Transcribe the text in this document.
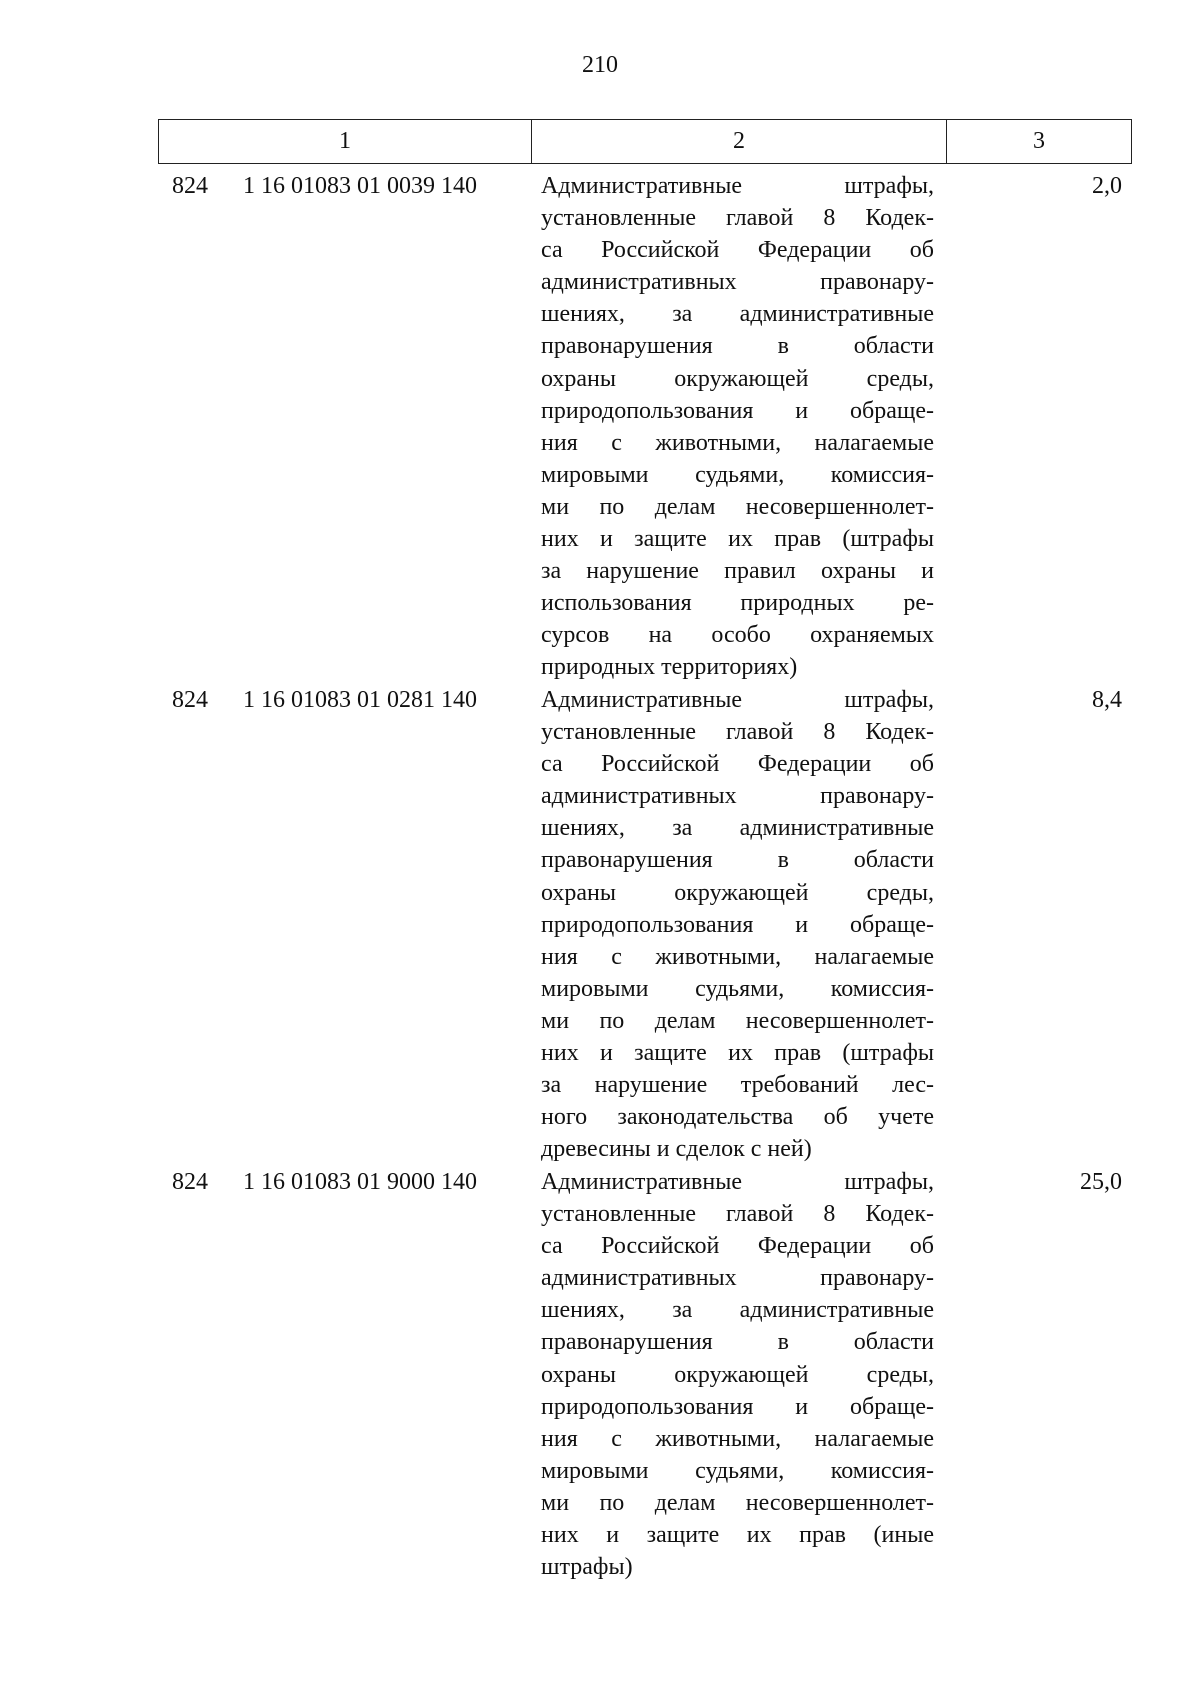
210
1	2	3
824 1 16 01083 01 0039 140	Административные штрафы,
установленные главой 8 Кодек-
са Российской Федерации об
административных правонару-
шениях, за административные
правонарушения в области
охраны окружающей среды,
природопользования и обраще-
ния с животными, налагаемые
мировыми судьями, комиссия-
ми по делам несовершеннолет-
них и защите их прав (штрафы
за нарушение правил охраны и
использования природных ре-
сурсов на особо охраняемых
природных территориях)
2,0
824 1 16 01083 01 0281 140	Административные штрафы,
установленные главой 8 Кодек-
са Российской Федерации об
административных правонару-
шениях, за административные
правонарушения в области
охраны окружающей среды,
природопользования и обраще-
ния с животными, налагаемые
мировыми судьями, комиссия-
ми по делам несовершеннолет-
них и защите их прав (штрафы
за нарушение требований лес-
ного законодательства об учете
древесины и сделок с ней)
8,4
824 1 16 01083 01 9000 140	Административные штрафы,
установленные главой 8 Кодек-
са Российской Федерации об
административных правонару-
шениях, за административные
правонарушения в области
охраны окружающей среды,
природопользования и обраще-
ния с животными, налагаемые
мировыми судьями, комиссия-
ми по делам несовершеннолет-
них и защите их прав (иные
штрафы)
25,0
